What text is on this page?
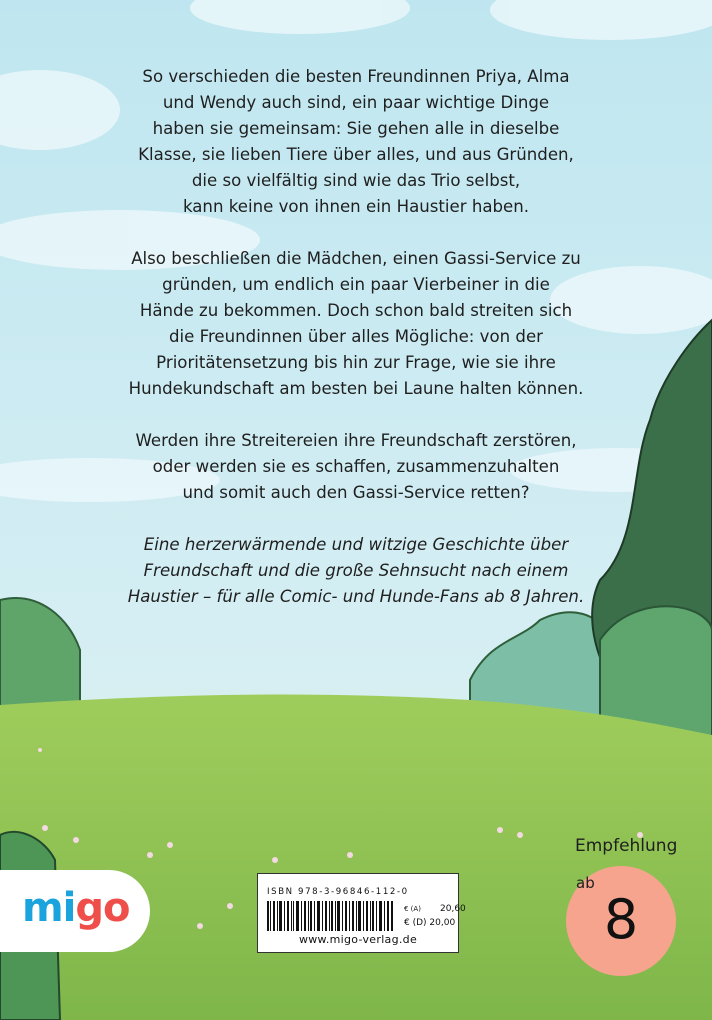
So verschieden die besten Freundinnen Priya, Alma
und Wendy auch sind, ein paar wichtige Dinge
haben sie gemeinsam: Sie gehen alle in dieselbe
Klasse, sie lieben Tiere über alles, und aus Gründen,
die so vielfältig sind wie das Trio selbst,
kann keine von ihnen ein Haustier haben.

Also beschließen die Mädchen, einen Gassi-Service zu
gründen, um endlich ein paar Vierbeiner in die
Hände zu bekommen. Doch schon bald streiten sich
die Freundinnen über alles Mögliche: von der
Prioritätensetzung bis hin zur Frage, wie sie ihre
Hundekundschaft am besten bei Laune halten können.

Werden ihre Streitereien ihre Freundschaft zerstören,
oder werden sie es schaffen, zusammenzuhalten
und somit auch den Gassi-Service retten?

Eine herzerwärmende und witzige Geschichte über
Freundschaft und die große Sehnsucht nach einem
Haustier – für alle Comic- und Hunde-Fans ab 8 Jahren.

migo	ISBN 978-3-96846-112-0
€ (A) 20,60
€ (D) 20,00
www.migo-verlag.de
Empfehlung
ab
8
